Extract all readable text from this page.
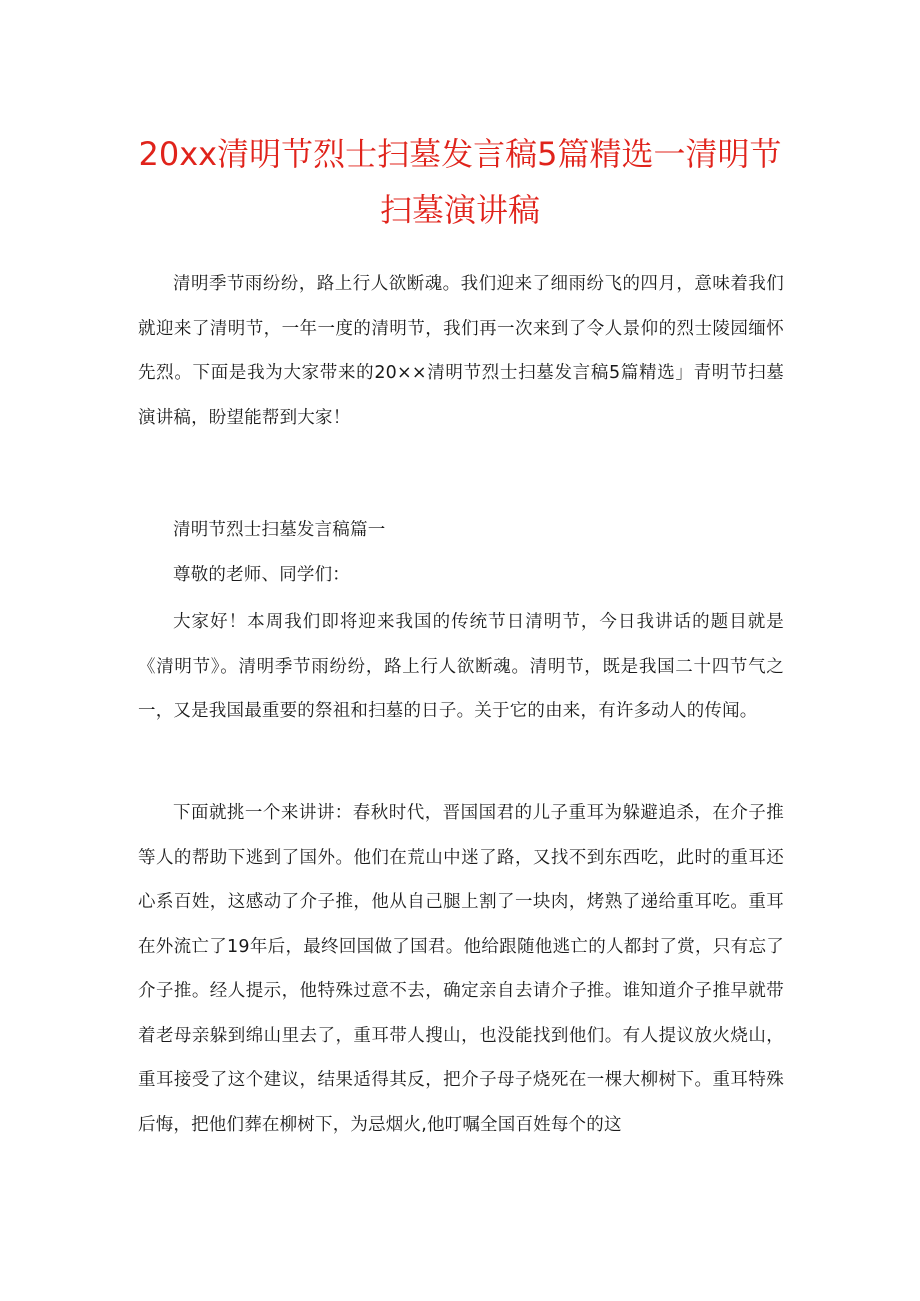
20xx清明节烈士扫墓发言稿5篇精选一清明节扫墓演讲稿

清明季节雨纷纷，路上行人欲断魂。我们迎来了细雨纷飞的四月，意味着我们就迎来了清明节，一年一度的清明节，我们再一次来到了令人景仰的烈士陵园缅怀先烈。下面是我为大家带来的20××清明节烈士扫墓发言稿5篇精选」青明节扫墓演讲稿，盼望能帮到大家！

清明节烈士扫墓发言稿篇一

尊敬的老师、同学们：

大家好！本周我们即将迎来我国的传统节日清明节，今日我讲话的题目就是《清明节》。清明季节雨纷纷，路上行人欲断魂。清明节，既是我国二十四节气之一，又是我国最重要的祭祖和扫墓的日子。关于它的由来，有许多动人的传闻。

下面就挑一个来讲讲：春秋时代，晋国国君的儿子重耳为躲避追杀，在介子推等人的帮助下逃到了国外。他们在荒山中迷了路，又找不到东西吃，此时的重耳还心系百姓，这感动了介子推，他从自己腿上割了一块肉，烤熟了递给重耳吃。重耳在外流亡了19年后，最终回国做了国君。他给跟随他逃亡的人都封了赏，只有忘了介子推。经人提示，他特殊过意不去，确定亲自去请介子推。谁知道介子推早就带着老母亲躲到绵山里去了，重耳带人搜山，也没能找到他们。有人提议放火烧山，重耳接受了这个建议，结果适得其反，把介子母子烧死在一棵大柳树下。重耳特殊后悔，把他们葬在柳树下，为忌烟火,他叮嘱全国百姓每个的这
